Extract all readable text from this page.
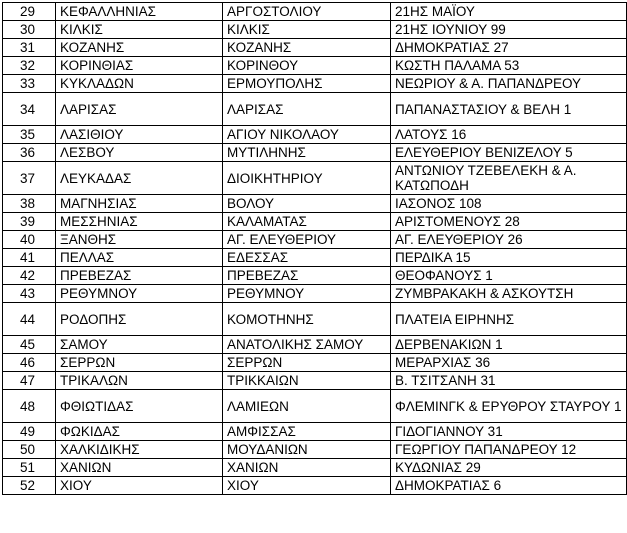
29	ΚΕΦΑΛΛΗΝΙΑΣ	ΑΡΓΟΣΤΟΛΙΟΥ	21ΗΣ ΜΑΪΟΥ
30	ΚΙΛΚΙΣ	ΚΙΛΚΙΣ	21ΗΣ ΙΟΥΝΙΟΥ 99
31	ΚΟΖΑΝΗΣ	ΚΟΖΑΝΗΣ	ΔΗΜΟΚΡΑΤΙΑΣ 27
32	ΚΟΡΙΝΘΙΑΣ	ΚΟΡΙΝΘΟΥ	ΚΩΣΤΗ ΠΑΛΑΜΑ 53
33	ΚΥΚΛΑΔΩΝ	ΕΡΜΟΥΠΟΛΗΣ	ΝΕΩΡΙΟΥ & Α. ΠΑΠΑΝΔΡΕΟΥ
34	ΛΑΡΙΣΑΣ	ΛΑΡΙΣΑΣ	ΠΑΠΑΝΑΣΤΑΣΙΟΥ & ΒΕΛΗ 1
35	ΛΑΣΙΘΙΟΥ	ΑΓΙΟΥ ΝΙΚΟΛΑΟΥ	ΛΑΤΟΥΣ 16
36	ΛΕΣΒΟΥ	ΜΥΤΙΛΗΝΗΣ	ΕΛΕΥΘΕΡΙΟΥ ΒΕΝΙΖΕΛΟΥ 5
37	ΛΕΥΚΑΔΑΣ	ΔΙΟΙΚΗΤΗΡΙΟΥ	ΑΝΤΩΝΙΟΥ ΤΖΕΒΕΛΕΚΗ & Α. ΚΑΤΩΠΟΔΗ
38	ΜΑΓΝΗΣΙΑΣ	ΒΟΛΟΥ	ΙΑΣΟΝΟΣ 108
39	ΜΕΣΣΗΝΙΑΣ	ΚΑΛΑΜΑΤΑΣ	ΑΡΙΣΤΟΜΕΝΟΥΣ 28
40	ΞΑΝΘΗΣ	ΑΓ. ΕΛΕΥΘΕΡΙΟΥ	ΑΓ. ΕΛΕΥΘΕΡΙΟΥ 26
41	ΠΕΛΛΑΣ	ΕΔΕΣΣΑΣ	ΠΕΡΔΙΚΑ 15
42	ΠΡΕΒΕΖΑΣ	ΠΡΕΒΕΖΑΣ	ΘΕΟΦΑΝΟΥΣ 1
43	ΡΕΘΥΜΝΟΥ	ΡΕΘΥΜΝΟΥ	ΖΥΜΒΡΑΚΑΚΗ & ΑΣΚΟΥΤΣΗ
44	ΡΟΔΟΠΗΣ	ΚΟΜΟΤΗΝΗΣ	ΠΛΑΤΕΙΑ ΕΙΡΗΝΗΣ
45	ΣΑΜΟΥ	ΑΝΑΤΟΛΙΚΗΣ ΣΑΜΟΥ	ΔΕΡΒΕΝΑΚΙΩΝ 1
46	ΣΕΡΡΩΝ	ΣΕΡΡΩΝ	ΜΕΡΑΡΧΙΑΣ 36
47	ΤΡΙΚΑΛΩΝ	ΤΡΙΚΚΑΙΩΝ	Β. ΤΣΙΤΣΑΝΗ 31
48	ΦΘΙΩΤΙΔΑΣ	ΛΑΜΙΕΩΝ	ΦΛΕΜΙΝΓΚ & ΕΡΥΘΡΟΥ ΣΤΑΥΡΟΥ 1
49	ΦΩΚΙΔΑΣ	ΑΜΦΙΣΣΑΣ	ΓΙΔΟΓΙΑΝΝΟΥ 31
50	ΧΑΛΚΙΔΙΚΗΣ	ΜΟΥΔΑΝΙΩΝ	ΓΕΩΡΓΙΟΥ ΠΑΠΑΝΔΡΕΟΥ 12
51	ΧΑΝΙΩΝ	ΧΑΝΙΩΝ	ΚΥΔΩΝΙΑΣ 29
52	ΧΙΟΥ	ΧΙΟΥ	ΔΗΜΟΚΡΑΤΙΑΣ 6
